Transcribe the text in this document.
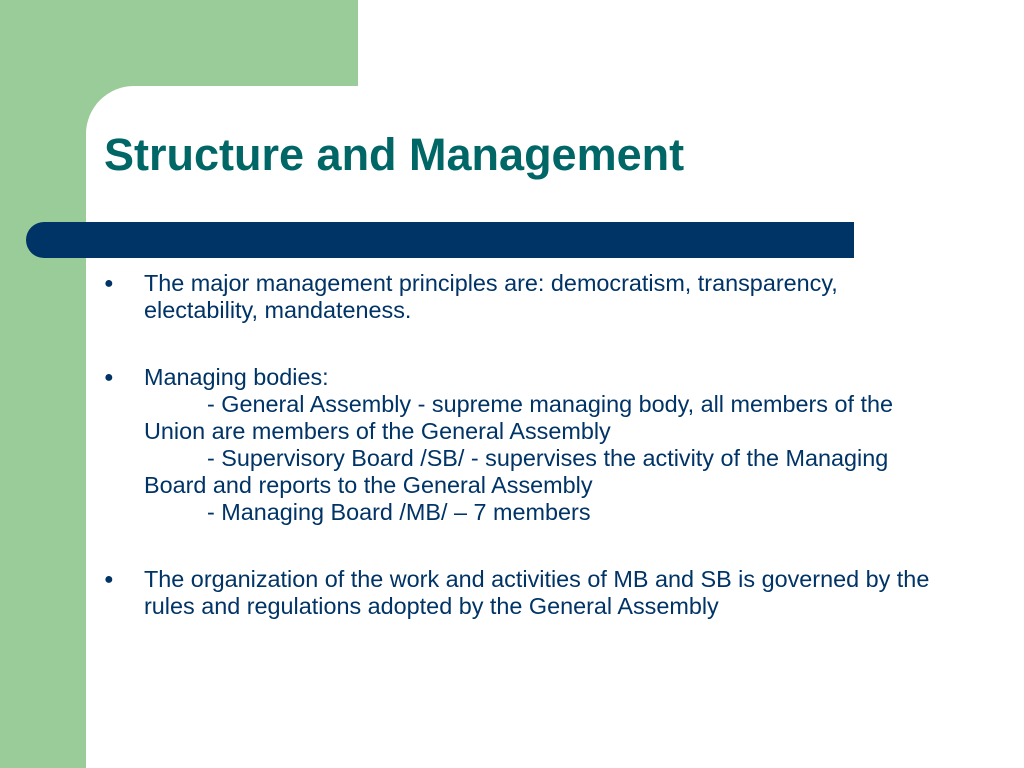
Structure and Management
● The major management principles are: democratism, transparency, electability, mandateness.
● Managing bodies:
- General Assembly - supreme managing body, all members of the Union are members of the General Assembly
- Supervisory Board /SB/ - supervises the activity of the Managing Board and reports to the General Assembly
- Managing Board /MB/ – 7 members
● The organization of the work and activities of MB and SB is governed by the rules and regulations adopted by the General Assembly
